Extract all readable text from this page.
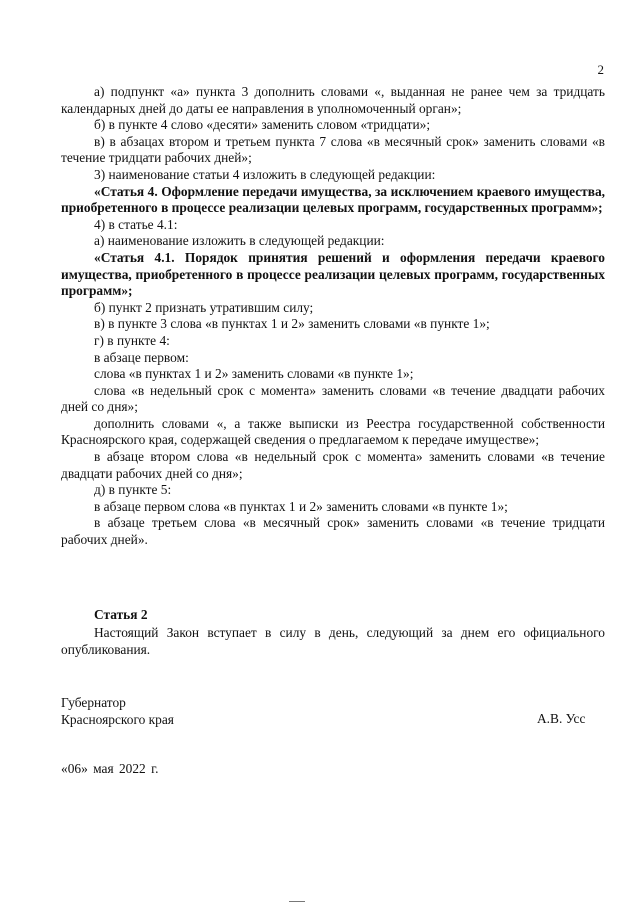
2

а) подпункт «а» пункта 3 дополнить словами «, выданная не ранее чем за тридцать календарных дней до даты ее направления в уполномоченный орган»;

б) в пункте 4 слово «десяти» заменить словом «тридцати»;

в) в абзацах втором и третьем пункта 7 слова «в месячный срок» заменить словами «в течение тридцати рабочих дней»;

3) наименование статьи 4 изложить в следующей редакции:

«Статья 4. Оформление передачи имущества, за исключением краевого имущества, приобретенного в процессе реализации целевых программ, государственных программ»;

4) в статье 4.1:

а) наименование изложить в следующей редакции:

«Статья 4.1. Порядок принятия решений и оформления передачи краевого имущества, приобретенного в процессе реализации целевых программ, государственных программ»;

б) пункт 2 признать утратившим силу;

в) в пункте 3 слова «в пунктах 1 и 2» заменить словами «в пункте 1»;

г) в пункте 4:

в абзаце первом:

слова «в пунктах 1 и 2» заменить словами «в пункте 1»;

слова «в недельный срок с момента» заменить словами «в течение двадцати рабочих дней со дня»;

дополнить словами «, а также выписки из Реестра государственной собственности Красноярского края, содержащей сведения о предлагаемом к передаче имуществе»;

в абзаце втором слова «в недельный срок с момента» заменить словами «в течение двадцати рабочих дней со дня»;

д) в пункте 5:

в абзаце первом слова «в пунктах 1 и 2» заменить словами «в пункте 1»;

в абзаце третьем слова «в месячный срок» заменить словами «в течение тридцати рабочих дней».

Статья 2

Настоящий Закон вступает в силу в день, следующий за днем его официального опубликования.

Губернатор
Красноярского края	А.В. Усс
«06» мая 2022 г.
